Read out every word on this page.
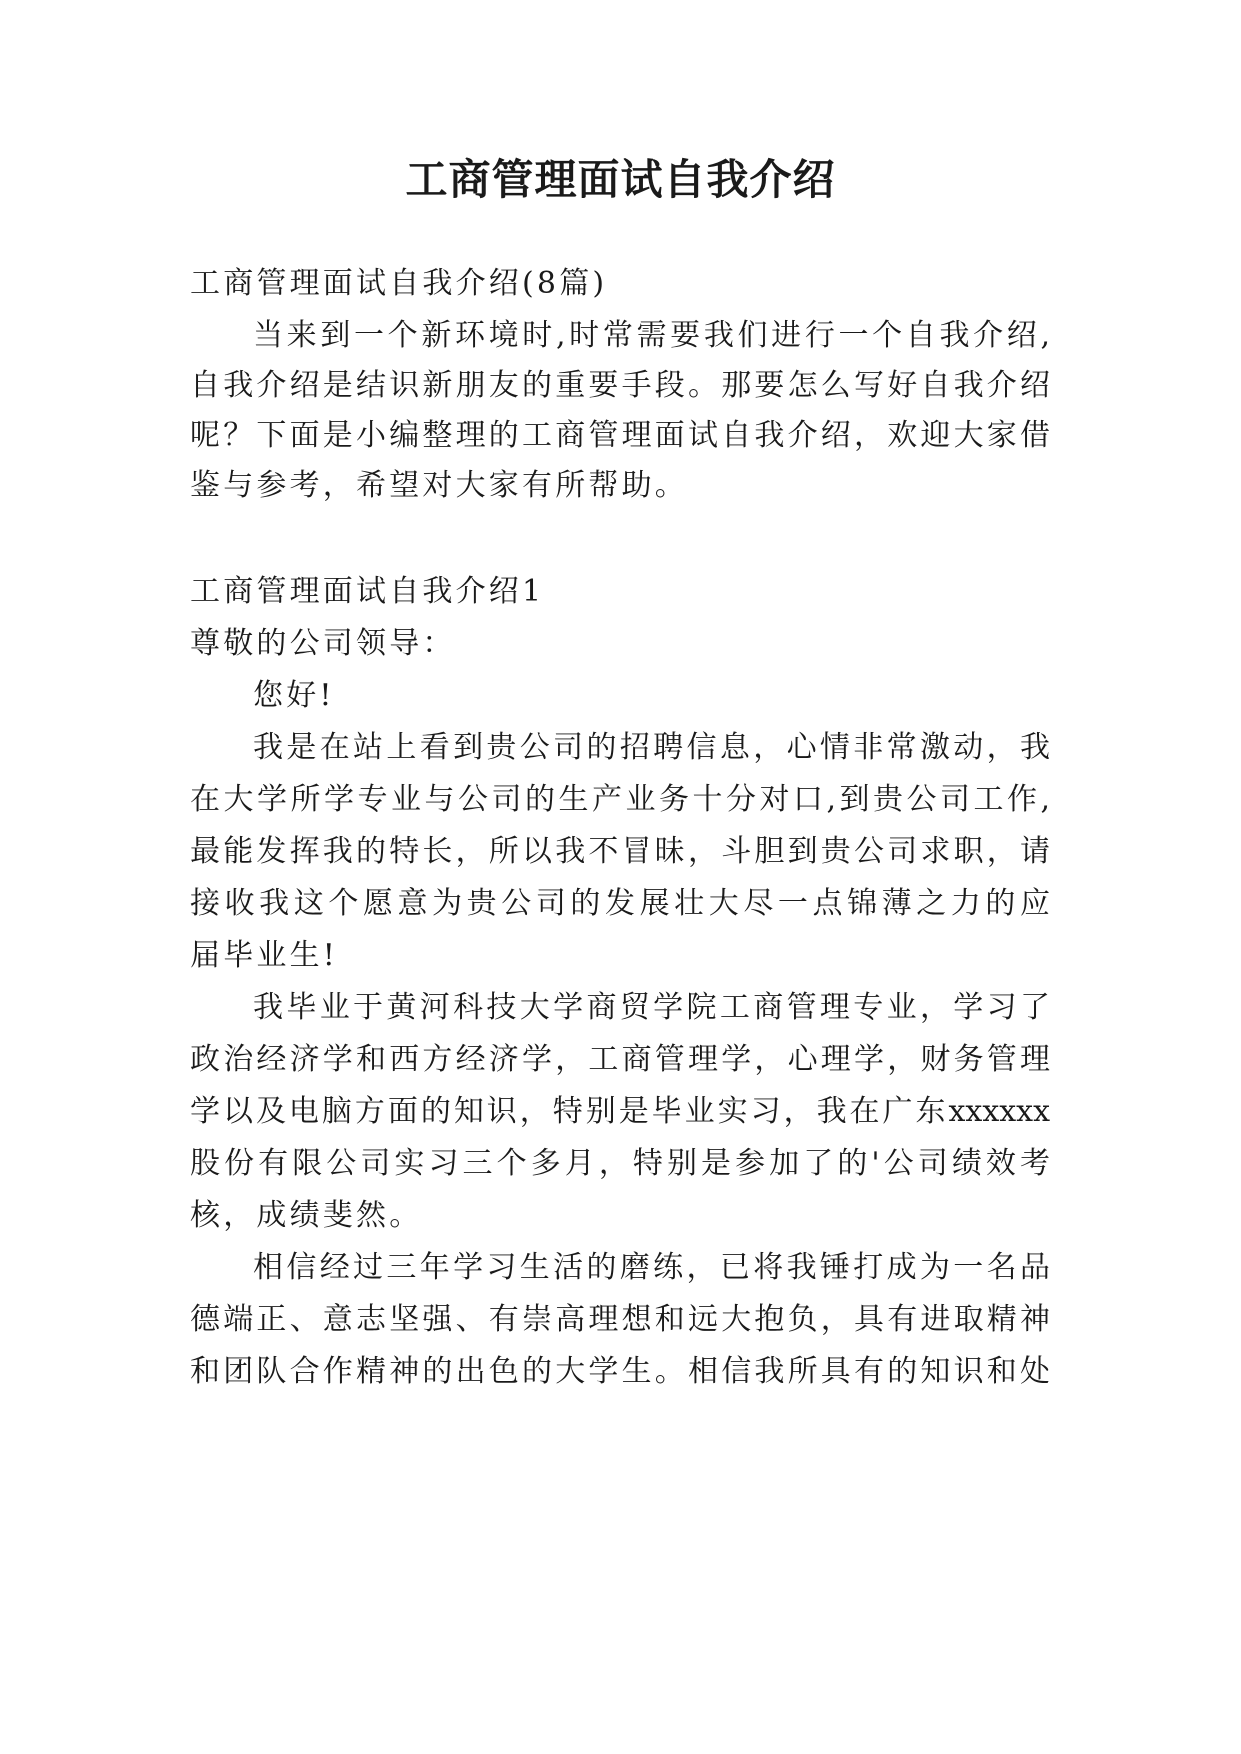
工商管理面试自我介绍
工商管理面试自我介绍(8篇)
当来到一个新环境时,时常需要我们进行一个自我介绍,
自我介绍是结识新朋友的重要手段。那要怎么写好自我介绍
呢？下面是小编整理的工商管理面试自我介绍，欢迎大家借
鉴与参考，希望对大家有所帮助。
工商管理面试自我介绍1
尊敬的公司领导：
您好!
我是在站上看到贵公司的招聘信息，心情非常激动，我
在大学所学专业与公司的生产业务十分对口,到贵公司工作,
最能发挥我的特长，所以我不冒昧，斗胆到贵公司求职，请
接收我这个愿意为贵公司的发展壮大尽一点锦薄之力的应
届毕业生!
我毕业于黄河科技大学商贸学院工商管理专业，学习了
政治经济学和西方经济学，工商管理学，心理学，财务管理
学以及电脑方面的知识，特别是毕业实习，我在广东xxxxxx
股份有限公司实习三个多月，特别是参加了的'公司绩效考
核，成绩斐然。
相信经过三年学习生活的磨练，已将我锤打成为一名品
德端正、意志坚强、有崇高理想和远大抱负，具有进取精神
和团队合作精神的出色的大学生。相信我所具有的知识和处
